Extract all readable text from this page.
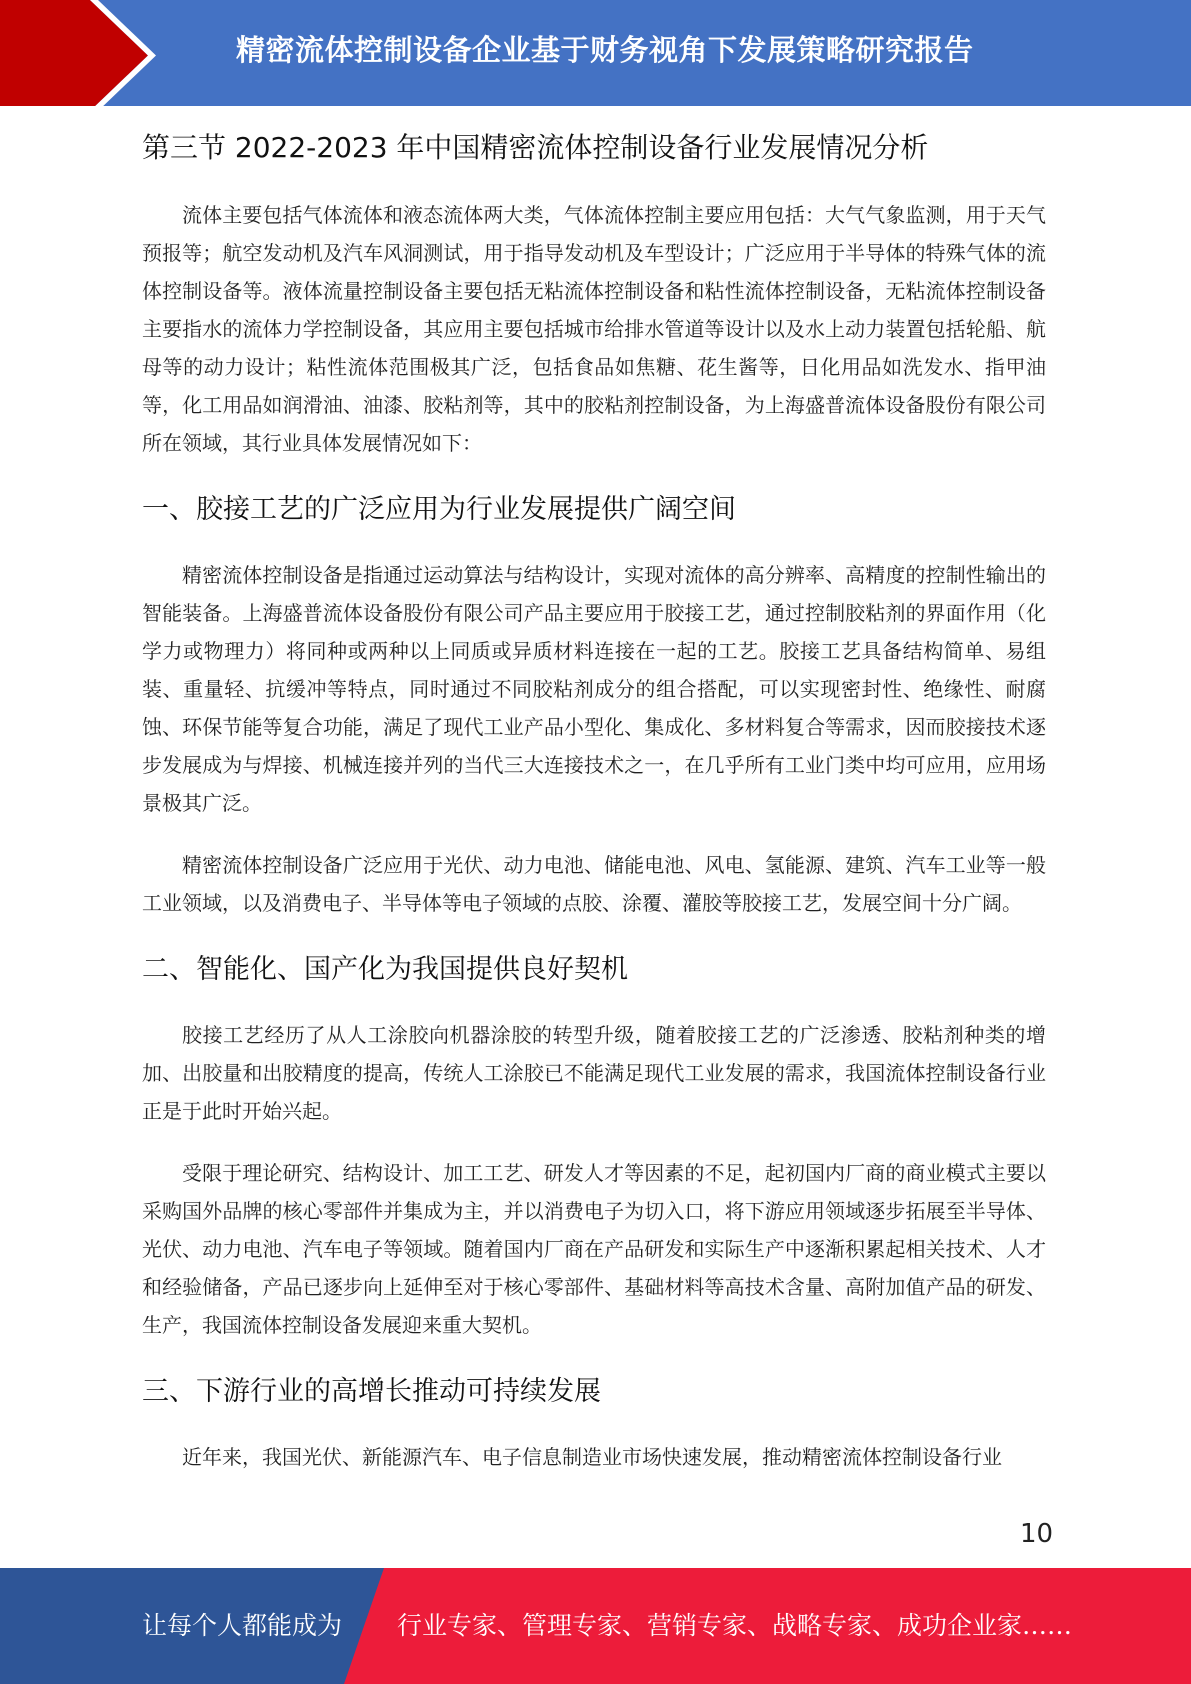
精密流体控制设备企业基于财务视角下发展策略研究报告
第三节 2022-2023 年中国精密流体控制设备行业发展情况分析

流体主要包括气体流体和液态流体两大类，气体流体控制主要应用包括：大气气象监测，用于天气预报等；航空发动机及汽车风洞测试，用于指导发动机及车型设计；广泛应用于半导体的特殊气体的流体控制设备等。液体流量控制设备主要包括无粘流体控制设备和粘性流体控制设备，无粘流体控制设备主要指水的流体力学控制设备，其应用主要包括城市给排水管道等设计以及水上动力装置包括轮船、航母等的动力设计；粘性流体范围极其广泛，包括食品如焦糖、花生酱等，日化用品如洗发水、指甲油等，化工用品如润滑油、油漆、胶粘剂等，其中的胶粘剂控制设备，为上海盛普流体设备股份有限公司所在领域，其行业具体发展情况如下：

一、胶接工艺的广泛应用为行业发展提供广阔空间

精密流体控制设备是指通过运动算法与结构设计，实现对流体的高分辨率、高精度的控制性输出的智能装备。上海盛普流体设备股份有限公司产品主要应用于胶接工艺，通过控制胶粘剂的界面作用（化学力或物理力）将同种或两种以上同质或异质材料连接在一起的工艺。胶接工艺具备结构简单、易组装、重量轻、抗缓冲等特点，同时通过不同胶粘剂成分的组合搭配，可以实现密封性、绝缘性、耐腐蚀、环保节能等复合功能，满足了现代工业产品小型化、集成化、多材料复合等需求，因而胶接技术逐步发展成为与焊接、机械连接并列的当代三大连接技术之一，在几乎所有工业门类中均可应用，应用场景极其广泛。

精密流体控制设备广泛应用于光伏、动力电池、储能电池、风电、氢能源、建筑、汽车工业等一般工业领域，以及消费电子、半导体等电子领域的点胶、涂覆、灌胶等胶接工艺，发展空间十分广阔。

二、智能化、国产化为我国提供良好契机

胶接工艺经历了从人工涂胶向机器涂胶的转型升级，随着胶接工艺的广泛渗透、胶粘剂种类的增加、出胶量和出胶精度的提高，传统人工涂胶已不能满足现代工业发展的需求，我国流体控制设备行业正是于此时开始兴起。

受限于理论研究、结构设计、加工工艺、研发人才等因素的不足，起初国内厂商的商业模式主要以采购国外品牌的核心零部件并集成为主，并以消费电子为切入口，将下游应用领域逐步拓展至半导体、光伏、动力电池、汽车电子等领域。随着国内厂商在产品研发和实际生产中逐渐积累起相关技术、人才和经验储备，产品已逐步向上延伸至对于核心零部件、基础材料等高技术含量、高附加值产品的研发、生产，我国流体控制设备发展迎来重大契机。

三、下游行业的高增长推动可持续发展

近年来，我国光伏、新能源汽车、电子信息制造业市场快速发展，推动精密流体控制设备行业

10
让每个人都能成为 行业专家、管理专家、营销专家、战略专家、成功企业家……
